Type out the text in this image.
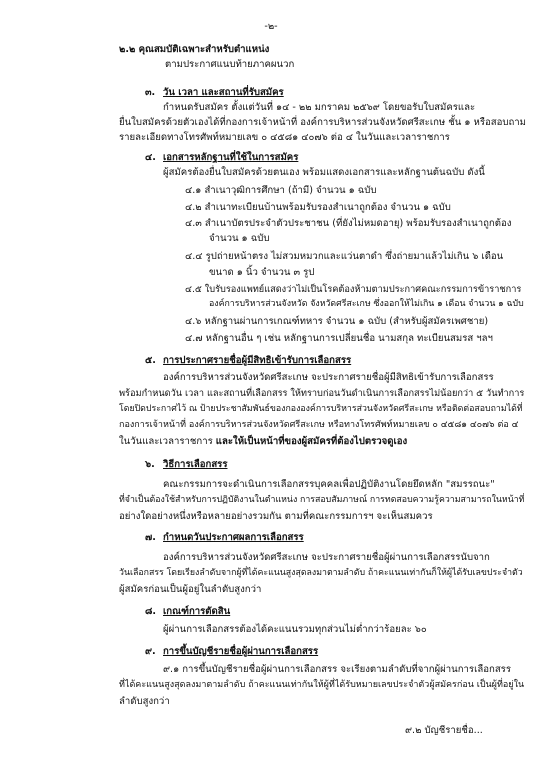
-๒-
๒.๒ คุณสมบัติเฉพาะสำหรับตำแหน่ง
ตามประกาศแนบท้ายภาคผนวก
๓. วัน เวลา และสถานที่รับสมัคร
กำหนดรับสมัคร ตั้งแต่วันที่ ๑๔ - ๒๒ มกราคม ๒๕๖๙ โดยขอรับใบสมัครและ
ยื่นใบสมัครด้วยตัวเองได้ที่กองการเจ้าหน้าที่ องค์การบริหารส่วนจังหวัดศรีสะเกษ ชั้น ๑ หรือสอบถาม
รายละเอียดทางโทรศัพท์หมายเลข ๐ ๔๕๘๑ ๔๐๗๖ ต่อ ๔ ในวันและเวลาราชการ
๔. เอกสารหลักฐานที่ใช้ในการสมัคร
ผู้สมัครต้องยื่นใบสมัครด้วยตนเอง พร้อมแสดงเอกสารและหลักฐานต้นฉบับ ดังนี้
๔.๑ สำเนาวุฒิการศึกษา (ถ้ามี) จำนวน ๑ ฉบับ
๔.๒ สำเนาทะเบียนบ้านพร้อมรับรองสำเนาถูกต้อง จำนวน ๑ ฉบับ
๔.๓ สำเนาบัตรประจำตัวประชาชน (ที่ยังไม่หมดอายุ) พร้อมรับรองสำเนาถูกต้อง
จำนวน ๑ ฉบับ
๔.๔ รูปถ่ายหน้าตรง ไม่สวมหมวกและแว่นตาดำ ซึ่งถ่ายมาแล้วไม่เกิน ๖ เดือน
ขนาด ๑ นิ้ว จำนวน ๓ รูป
๔.๕ ใบรับรองแพทย์แสดงว่าไม่เป็นโรคต้องห้ามตามประกาศคณะกรรมการข้าราชการ
องค์การบริหารส่วนจังหวัด จังหวัดศรีสะเกษ ซึ่งออกให้ไม่เกิน ๑ เดือน จำนวน ๑ ฉบับ
๔.๖ หลักฐานผ่านการเกณฑ์ทหาร จำนวน ๑ ฉบับ (สำหรับผู้สมัครเพศชาย)
๔.๗ หลักฐานอื่น ๆ เช่น หลักฐานการเปลี่ยนชื่อ นามสกุล ทะเบียนสมรส ฯลฯ
๕. การประกาศรายชื่อผู้มีสิทธิเข้ารับการเลือกสรร
องค์การบริหารส่วนจังหวัดศรีสะเกษ จะประกาศรายชื่อผู้มีสิทธิเข้ารับการเลือกสรร
พร้อมกำหนดวัน เวลา และสถานที่เลือกสรร ให้ทราบก่อนวันดำเนินการเลือกสรรไม่น้อยกว่า ๕ วันทำการ
โดยปิดประกาศไว้ ณ ป้ายประชาสัมพันธ์ของกององค์การบริหารส่วนจังหวัดศรีสะเกษ หรือติดต่อสอบถามได้ที่
กองการเจ้าหน้าที่ องค์การบริหารส่วนจังหวัดศรีสะเกษ หรือทางโทรศัพท์หมายเลข ๐ ๔๕๘๑ ๔๐๗๖ ต่อ ๔
ในวันและเวลาราชการ และให้เป็นหน้าที่ของผู้สมัครที่ต้องไปตรวจดูเอง
๖. วิธีการเลือกสรร
คณะกรรมการจะดำเนินการเลือกสรรบุคคลเพื่อปฏิบัติงานโดยยึดหลัก "สมรรถนะ"
ที่จำเป็นต้องใช้สำหรับการปฏิบัติงานในตำแหน่ง การสอบสัมภาษณ์ การทดสอบความรู้ความสามารถในหน้าที่
อย่างใดอย่างหนึ่งหรือหลายอย่างรวมกัน ตามที่คณะกรรมการฯ จะเห็นสมควร
๗. กำหนดวันประกาศผลการเลือกสรร
องค์การบริหารส่วนจังหวัดศรีสะเกษ จะประกาศรายชื่อผู้ผ่านการเลือกสรรนับจาก
วันเลือกสรร โดยเรียงลำดับจากผู้ที่ได้คะแนนสูงสุดลงมาตามลำดับ ถ้าคะแนนเท่ากันก็ให้ผู้ได้รับเลขประจำตัว
ผู้สมัครก่อนเป็นผู้อยู่ในลำดับสูงกว่า
๘. เกณฑ์การตัดสิน
ผู้ผ่านการเลือกสรรต้องได้คะแนนรวมทุกส่วนไม่ต่ำกว่าร้อยละ ๖๐
๙. การขึ้นบัญชีรายชื่อผู้ผ่านการเลือกสรร
๙.๑ การขึ้นบัญชีรายชื่อผู้ผ่านการเลือกสรร จะเรียงตามลำดับที่จากผู้ผ่านการเลือกสรร
ที่ได้คะแนนสูงสุดลงมาตามลำดับ ถ้าคะแนนเท่ากันให้ผู้ที่ได้รับหมายเลขประจำตัวผู้สมัครก่อน เป็นผู้ที่อยู่ใน
ลำดับสูงกว่า
๙.๒ บัญชีรายชื่อ...
